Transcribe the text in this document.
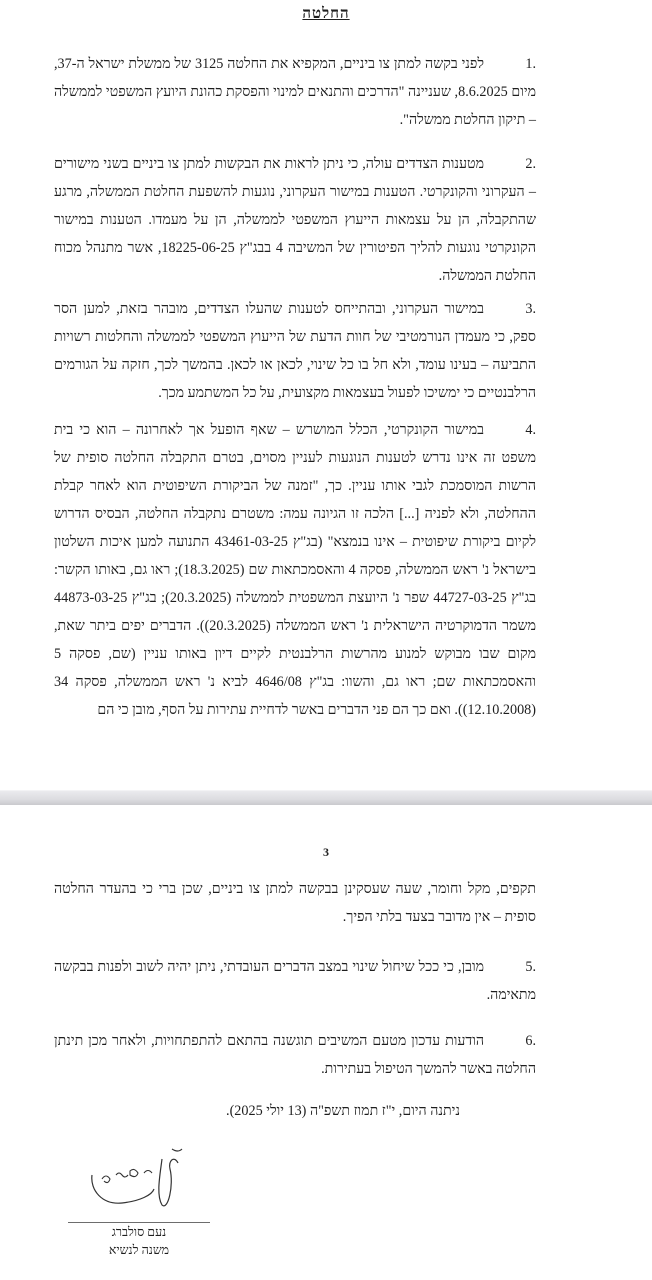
החלטה
.1לפני בקשה למתן צו ביניים, המקפיא את החלטה 3125 של ממשלת ישראל ה-37, מיום 8.6.2025, שעניינה "הדרכים והתנאים למינוי והפסקת כהונת היועץ המשפטי לממשלה – תיקון החלטת ממשלה".
.2מטענות הצדדים עולה, כי ניתן לראות את הבקשות למתן צו ביניים בשני מישורים – העקרוני והקונקרטי. הטענות במישור העקרוני, נוגעות להשפעת החלטת הממשלה, מרגע שהתקבלה, הן על עצמאות הייעוץ המשפטי לממשלה, הן על מעמדו. הטענות במישור הקונקרטי נוגעות להליך הפיטורין של המשיבה 4 בבג"ץ 18225-06-25, אשר מתנהל מכוח החלטת הממשלה.
.3במישור העקרוני, ובהתייחס לטענות שהעלו הצדדים, מובהר בזאת, למען הסר ספק, כי מעמדן הנורמטיבי של חוות הדעת של הייעוץ המשפטי לממשלה והחלטות רשויות התביעה – בעינו עומד, ולא חל בו כל שינוי, לכאן או לכאן. בהמשך לכך, חזקה על הגורמים הרלבנטיים כי ימשיכו לפעול בעצמאות מקצועית, על כל המשתמע מכך.
.4במישור הקונקרטי, הכלל המושרש – שאף הופעל אך לאחרונה – הוא כי בית משפט זה אינו נדרש לטענות הנוגעות לעניין מסוים, בטרם התקבלה החלטה סופית של הרשות המוסמכת לגבי אותו עניין. כך, "זמנה של הביקורת השיפוטית הוא לאחר קבלת ההחלטה, ולא לפניה [...] הלכה זו הגיונה עמה: משטרם נתקבלה החלטה, הבסיס הדרוש לקיום ביקורת שיפוטית – אינו בנמצא" (בג"ץ 43461-03-25 התנועה למען איכות השלטון בישראל נ' ראש הממשלה, פסקה 4 והאסמכתאות שם (18.3.2025); ראו גם, באותו הקשר: בג"ץ 44727-03-25 שפר נ' היועצת המשפטית לממשלה (20.3.2025); בג"ץ 44873-03-25 משמר הדמוקרטיה הישראלית נ' ראש הממשלה (20.3.2025)). הדברים יפים ביתר שאת, מקום שבו מבוקש למנוע מהרשות הרלבנטית לקיים דיון באותו עניין (שם, פסקה 5 והאסמכתאות שם; ראו גם, והשוו: בג"ץ 4646/08 לביא נ' ראש הממשלה, פסקה 34 (12.10.2008)). ואם כך הם פני הדברים באשר לדחיית עתירות על הסף, מובן כי הם
3
תקפים, מקל וחומר, שעה שעסקינן בבקשה למתן צו ביניים, שכן ברי כי בהעדר החלטה סופית – אין מדובר בצעד בלתי הפיך.
.5מובן, כי ככל שיחול שינוי במצב הדברים העובדתי, ניתן יהיה לשוב ולפנות בבקשה מתאימה.
.6הודעות עדכון מטעם המשיבים תוגשנה בהתאם להתפתחויות, ולאחר מכן תינתן החלטה באשר להמשך הטיפול בעתירות.
ניתנה היום, י"ז תמוז תשפ"ה (13 יולי 2025).
נעם סולברג
משנה לנשיא
